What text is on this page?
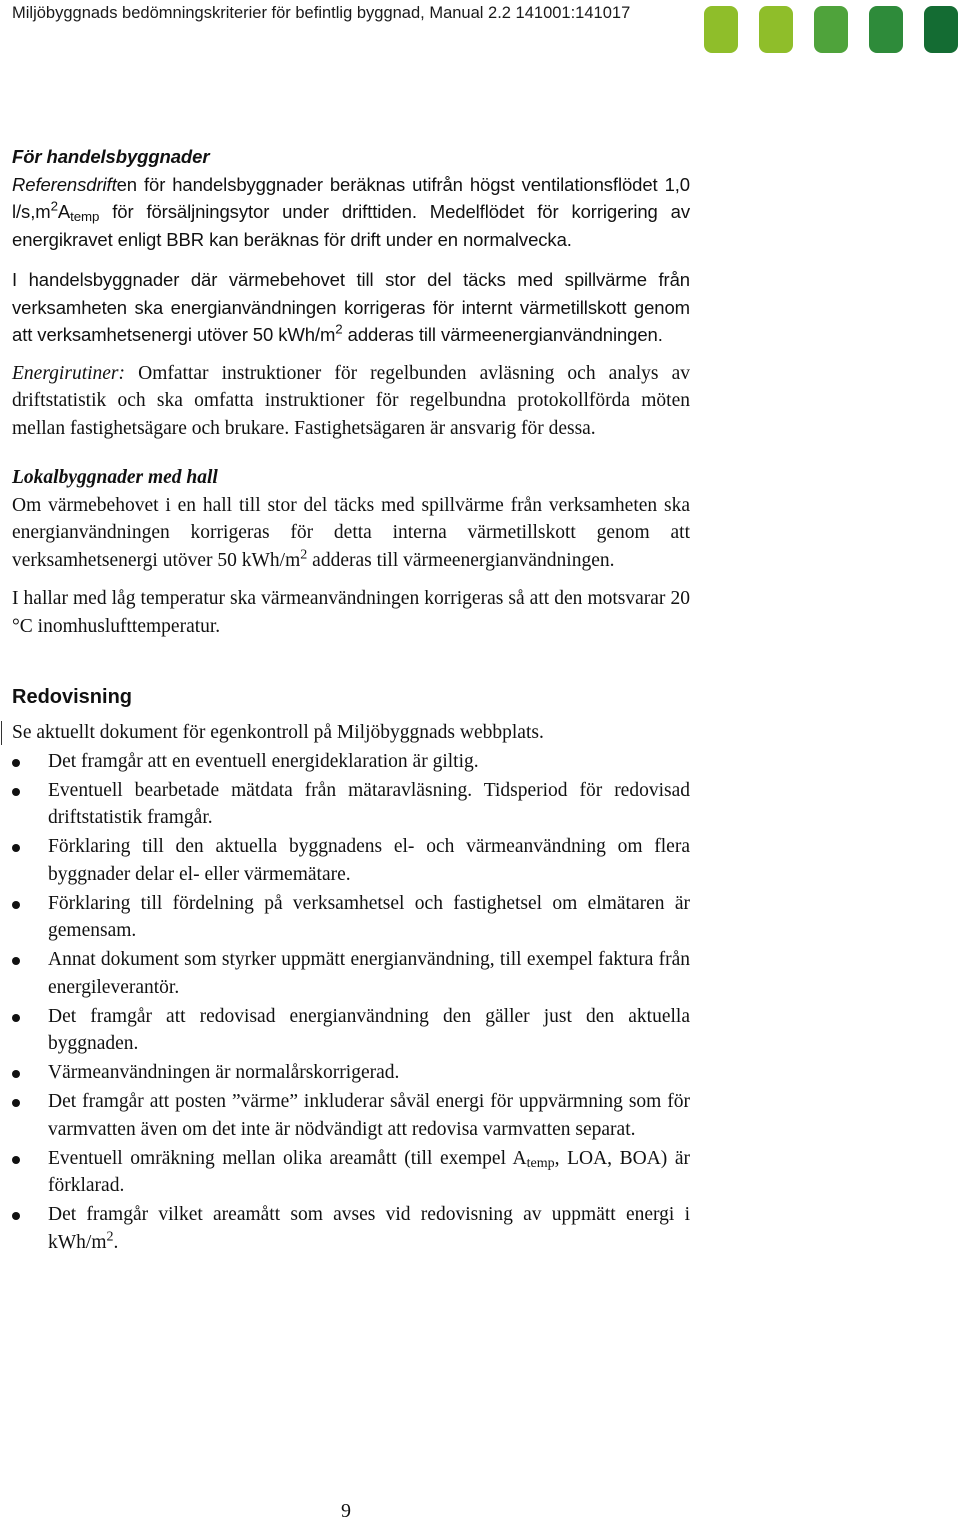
Miljöbyggnads bedömningskriterier för befintlig byggnad, Manual 2.2 141001:141017

För handelsbyggnader

Referensdriften för handelsbyggnader beräknas utifrån högst ventilationsflödet 1,0 $l/s,m^2A_{temp}$ för försäljningsytor under drifttiden. Medelflödet för korrigering av energikravet enligt BBR kan beräknas för drift under en normalvecka.

I handelsbyggnader där värmebehovet till stor del täcks med spillvärme från verksamheten ska energianvändningen korrigeras för internt värmetillskott genom att verksamhetsenergi utöver 50 kWh/$m^2$ adderas till värmeenergianvändningen.

Energirutiner: Omfattar instruktioner för regelbunden avläsning och analys av driftstatistik och ska omfatta instruktioner för regelbundna protokollförda möten mellan fastighetsägare och brukare. Fastighetsägaren är ansvarig för dessa.

Lokalbyggnader med hall

Om värmebehovet i en hall till stor del täcks med spillvärme från verksamheten ska energianvändningen korrigeras för detta interna värmetillskott genom att verksamhetsenergi utöver 50 kWh/$m^2$ adderas till värmeenergianvändningen.

I hallar med låg temperatur ska värmeanvändningen korrigeras så att den motsvarar 20 °C inomhuslufttemperatur.

Redovisning

Se aktuellt dokument för egenkontroll på Miljöbyggnads webbplats.

Det framgår att en eventuell energideklaration är giltig.
Eventuell bearbetade mätdata från mätaravläsning. Tidsperiod för redovisad driftstatistik framgår.
Förklaring till den aktuella byggnadens el- och värmeanvändning om flera byggnader delar el- eller värmemätare.
Förklaring till fördelning på verksamhetsel och fastighetsel om elmätaren är gemensam.
Annat dokument som styrker uppmätt energianvändning, till exempel faktura från energileverantör.
Det framgår att redovisad energianvändning den gäller just den aktuella byggnaden.
Värmeanvändningen är normalårskorrigerad.
Det framgår att posten ”värme” inkluderar såväl energi för uppvärmning som för varmvatten även om det inte är nödvändigt att redovisa varmvatten separat.
Eventuell omräkning mellan olika areamått (till exempel $A_{temp}$, LOA, BOA) är förklarad.
Det framgår vilket areamått som avses vid redovisning av uppmätt energi i kWh/$m^2$.
9
